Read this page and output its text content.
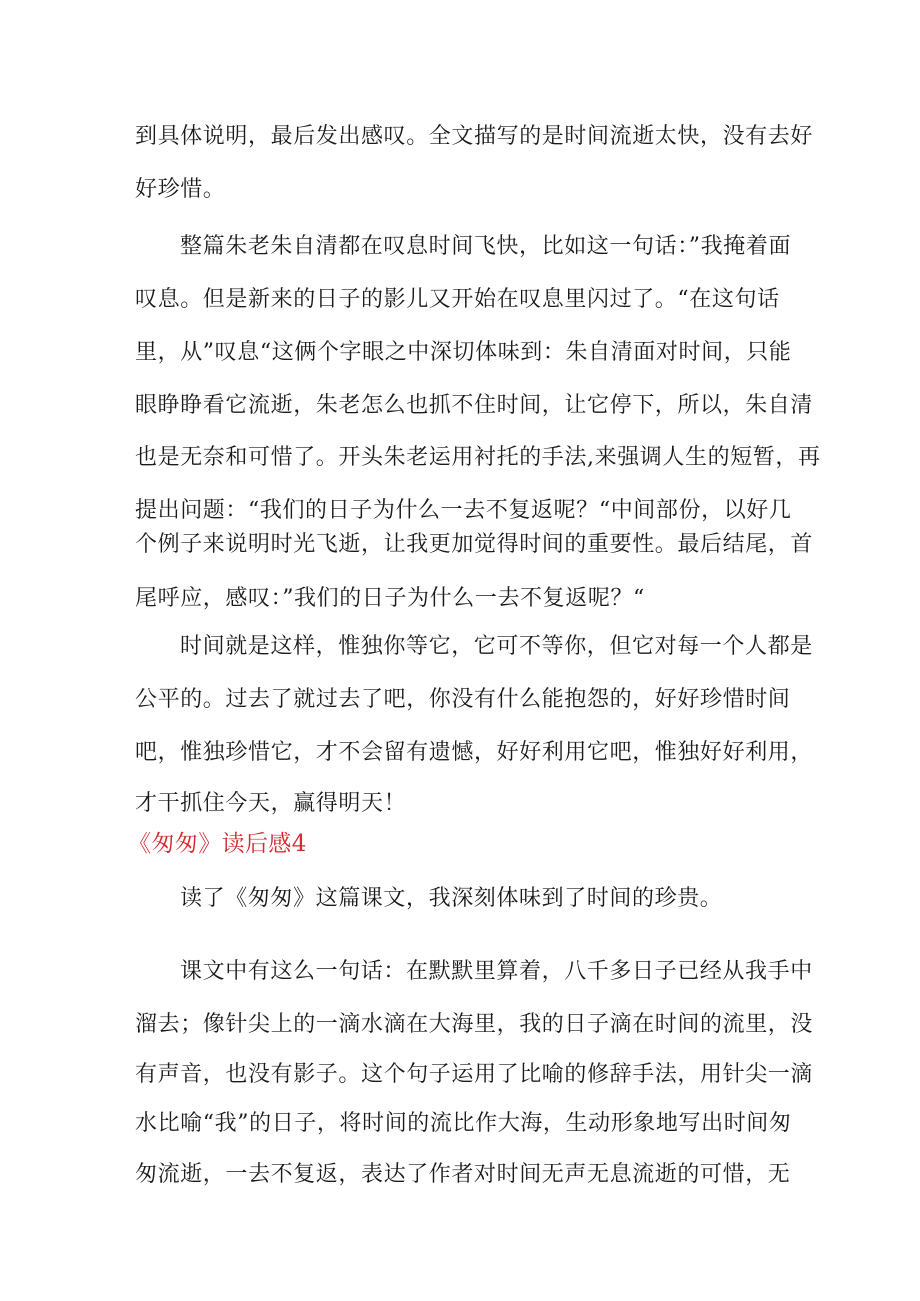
到具体说明，最后发出感叹。全文描写的是时间流逝太快，没有去好
好珍惜。
整篇朱老朱自清都在叹息时间飞快，比如这一句话：”我掩着面
叹息。但是新来的日子的影儿又开始在叹息里闪过了。“在这句话
里，从”叹息“这俩个字眼之中深切体味到：朱自清面对时间，只能
眼睁睁看它流逝，朱老怎么也抓不住时间，让它停下，所以，朱自清
也是无奈和可惜了。开头朱老运用衬托的手法,来强调人生的短暂，再
提出问题：“我们的日子为什么一去不复返呢？“中间部份，以好几
个例子来说明时光飞逝，让我更加觉得时间的重要性。最后结尾，首
尾呼应，感叹：”我们的日子为什么一去不复返呢？“
时间就是这样，惟独你等它，它可不等你，但它对每一个人都是
公平的。过去了就过去了吧，你没有什么能抱怨的，好好珍惜时间
吧，惟独珍惜它，才不会留有遗憾，好好利用它吧，惟独好好利用，
才干抓住今天，赢得明天！
《匆匆》读后感4
读了《匆匆》这篇课文，我深刻体味到了时间的珍贵。
课文中有这么一句话：在默默里算着，八千多日子已经从我手中
溜去；像针尖上的一滴水滴在大海里，我的日子滴在时间的流里，没
有声音，也没有影子。这个句子运用了比喻的修辞手法，用针尖一滴
水比喻“我”的日子，将时间的流比作大海，生动形象地写出时间匆
匆流逝，一去不复返，表达了作者对时间无声无息流逝的可惜，无
